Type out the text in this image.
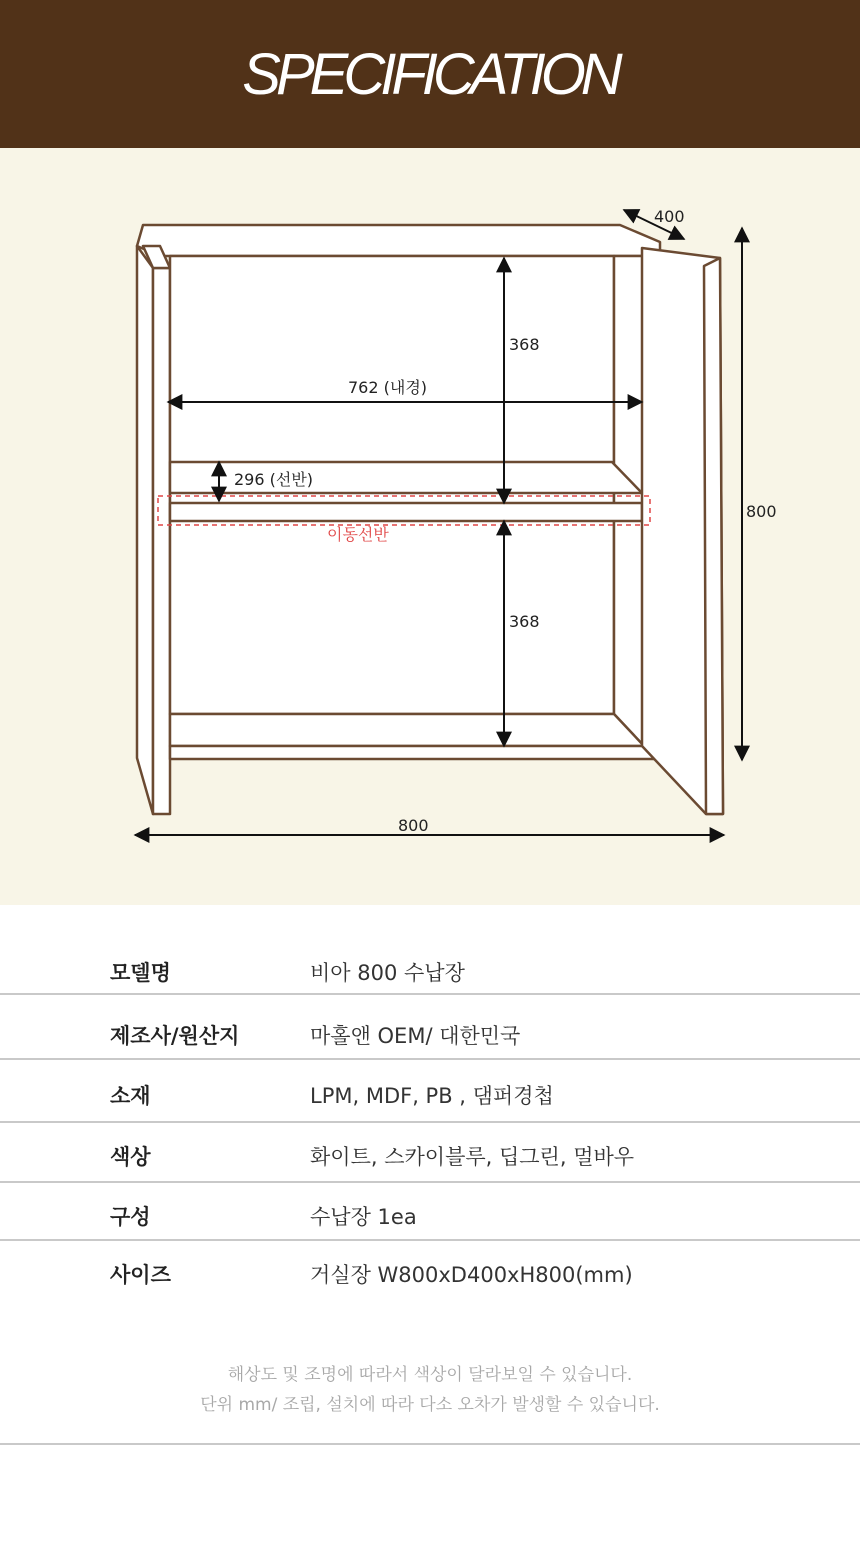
SPECIFICATION
400
800
800
762 (내경)
368
368
296 (선반)
이동선반
모델명	비아 800 수납장
제조사/원산지	마홀앤 OEM/ 대한민국
소재	LPM, MDF, PB , 댐퍼경첩
색상	화이트, 스카이블루, 딥그린, 멀바우
구성	수납장 1ea
사이즈	거실장 W800xD400xH800(mm)
해상도 및 조명에 따라서 색상이 달라보일 수 있습니다.
단위 mm/ 조립, 설치에 따라 다소 오차가 발생할 수 있습니다.
